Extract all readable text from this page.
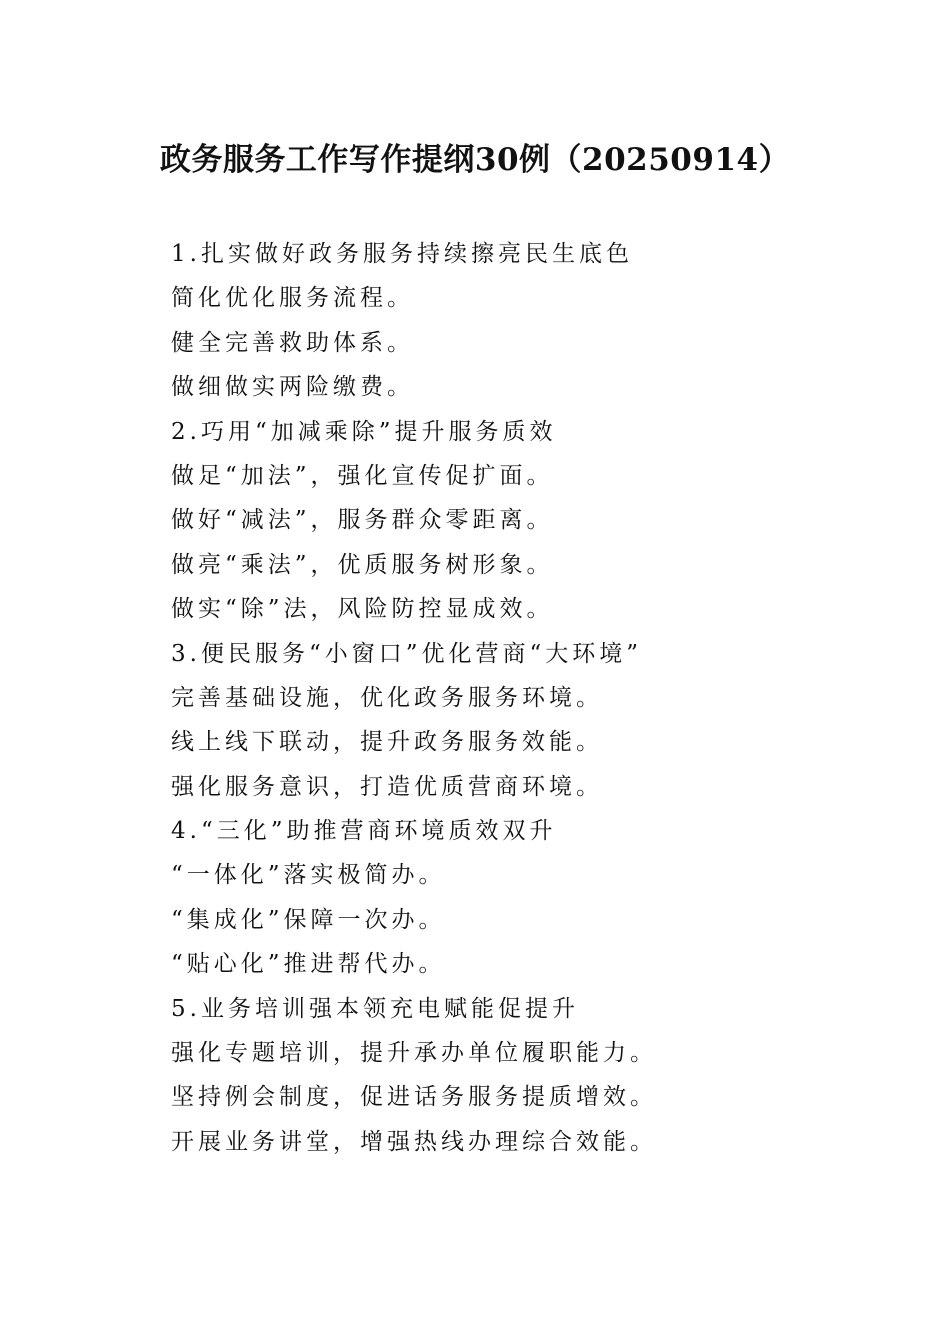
政务服务工作写作提纲30例（20250914）
1.扎实做好政务服务持续擦亮民生底色
简化优化服务流程。
健全完善救助体系。
做细做实两险缴费。
2.巧用“加减乘除”提升服务质效
做足“加法”，强化宣传促扩面。
做好“减法”，服务群众零距离。
做亮“乘法”，优质服务树形象。
做实“除”法，风险防控显成效。
3.便民服务“小窗口”优化营商“大环境”
完善基础设施，优化政务服务环境。
线上线下联动，提升政务服务效能。
强化服务意识，打造优质营商环境。
4.“三化”助推营商环境质效双升
“一体化”落实极简办。
“集成化”保障一次办。
“贴心化”推进帮代办。
5.业务培训强本领充电赋能促提升
强化专题培训，提升承办单位履职能力。
坚持例会制度，促进话务服务提质增效。
开展业务讲堂，增强热线办理综合效能。
